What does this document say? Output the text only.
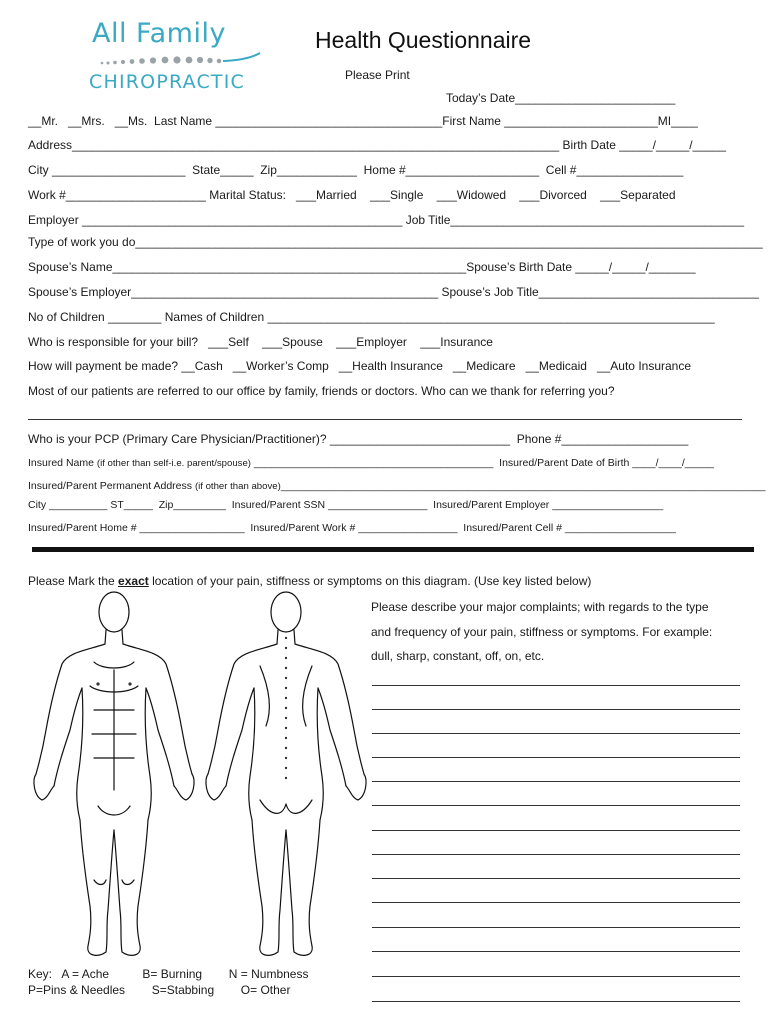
All Family
CHIROPRACTIC
Health Questionnaire
Please Print
Today’s Date________________________
__Mr.   __Mrs.   __Ms.  Last Name __________________________________First Name _______________________MI____
Address_________________________________________________________________________ Birth Date _____/_____/_____
City ____________________  State_____  Zip____________  Home #____________________  Cell #________________
Work #_____________________ Marital Status:   ___Married    ___Single    ___Widowed    ___Divorced    ___Separated
Employer ________________________________________________ Job Title____________________________________________
Type of work you do______________________________________________________________________________________________
Spouse’s Name_____________________________________________________Spouse’s Birth Date _____/_____/_______
Spouse’s Employer______________________________________________ Spouse’s Job Title_________________________________
No of Children ________ Names of Children ___________________________________________________________________
Who is responsible for your bill?   ___Self    ___Spouse    ___Employer    ___Insurance
How will payment be made? __Cash   __Worker’s Comp   __Health Insurance   __Medicare   __Medicaid   __Auto Insurance
Most of our patients are referred to our office by family, friends or doctors. Who can we thank for referring you?
Who is your PCP (Primary Care Physician/Practitioner)? ___________________________  Phone #___________________
Insured Name (if other than self-i.e. parent/spouse) _________________________________________  Insured/Parent Date of Birth ____/____/_____
Insured/Parent Permanent Address (if other than above)___________________________________________________________________________________
City __________ ST_____  Zip_________  Insured/Parent SSN _________________  Insured/Parent Employer ___________________
Insured/Parent Home # __________________  Insured/Parent Work # _________________  Insured/Parent Cell # ___________________
Please Mark the exact location of your pain, stiffness or symptoms on this diagram. (Use key listed below)
Please describe your major complaints; with regards to the type
and frequency of your pain, stiffness or symptoms. For example:
dull, sharp, constant, off, on, etc.
Key:   A = Ache          B= Burning        N = Numbness
P=Pins & Needles        S=Stabbing        O= Other
